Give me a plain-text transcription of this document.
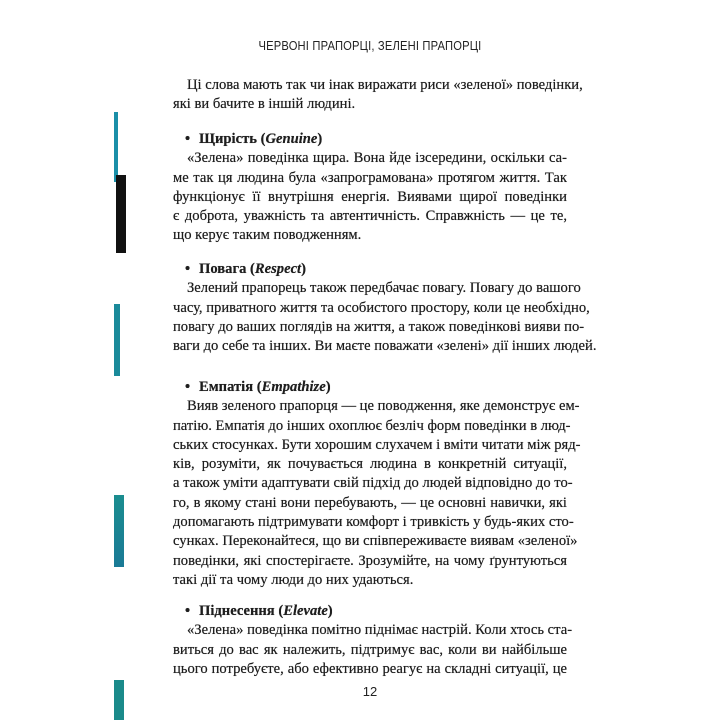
ЧЕРВОНІ ПРАПОРЦІ, ЗЕЛЕНІ ПРАПОРЦІ
Ці слова мають так чи інак виражати риси «зеленої» поведінки,
які ви бачите в іншій людині.
• Щирість (Genuine)
«Зелена» поведінка щира. Вона йде ізсередини, оскільки са-
ме так ця людина була «запрограмована» протягом життя. Так
функціонує її внутрішня енергія. Виявами щирої поведінки
є доброта, уважність та автентичність. Справжність — це те,
що керує таким поводженням.
• Повага (Respect)
Зелений прапорець також передбачає повагу. Повагу до вашого
часу, приватного життя та особистого простору, коли це необхідно,
повагу до ваших поглядів на життя, а також поведінкові вияви по-
ваги до себе та інших. Ви маєте поважати «зелені» дії інших людей.
• Емпатія (Empathize)
Вияв зеленого прапорця — це поводження, яке демонструє ем-
патію. Емпатія до інших охоплює безліч форм поведінки в люд-
ських стосунках. Бути хорошим слухачем і вміти читати між ряд-
ків, розуміти, як почувається людина в конкретній ситуації,
а також уміти адаптувати свій підхід до людей відповідно до то-
го, в якому стані вони перебувають, — це основні навички, які
допомагають підтримувати комфорт і тривкість у будь-яких сто-
сунках. Переконайтеся, що ви співпереживаєте виявам «зеленої»
поведінки, які спостерігаєте. Зрозумійте, на чому ґрунтуються
такі дії та чому люди до них удаються.
• Піднесення (Elevate)
«Зелена» поведінка помітно піднімає настрій. Коли хтось ста-
виться до вас як належить, підтримує вас, коли ви найбільше
цього потребуєте, або ефективно реагує на складні ситуації, це
12
